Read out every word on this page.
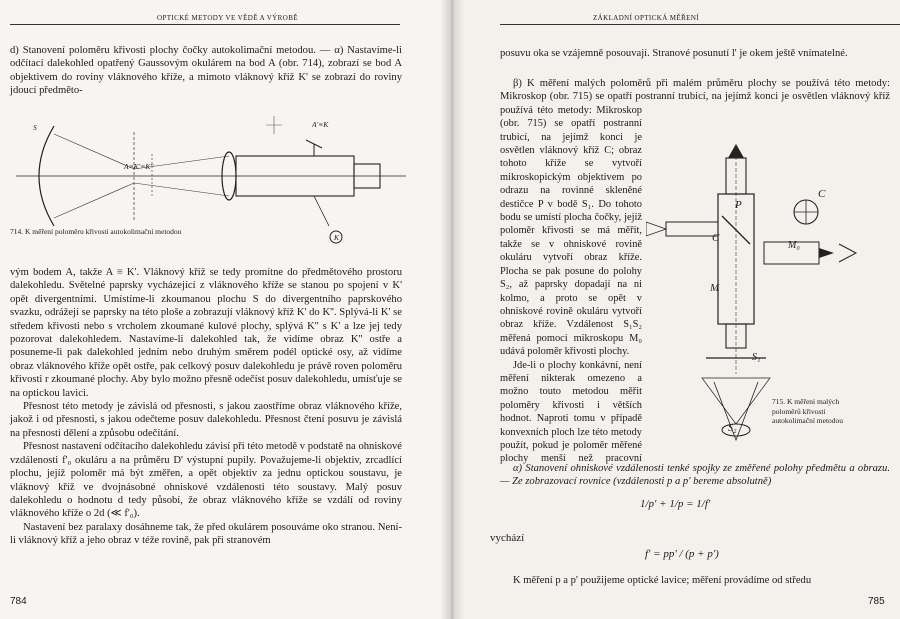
OPTICKÉ METODY VE VĚDĚ A VÝROBĚ

d) Stanovení poloměru křivosti plochy čočky autokolimační metodou. — α) Nastavíme-li odčítací dalekohled opatřený Gaussovým okulárem na bod A (obr. 714), zobrazí se bod A objektivem do roviny vláknového kříže, a mimoto vláknový kříž K' se zobrazí do roviny jdoucí předměto-

S
A≡K'≡K''
A'≡K
K
714. K měření poloměru křivosti autokolimační metodou

vým bodem A, takže A ≡ K'. Vláknový kříž se tedy promítne do předmětového prostoru dalekohledu. Světelné paprsky vycházející z vláknového kříže se stanou po spojení v K' opět divergentními. Umístíme-li zkoumanou plochu S do divergentního paprskového svazku, odrážejí se paprsky na této ploše a zobrazují vláknový kříž K' do K''. Splývá-li K' se středem křivosti nebo s vrcholem zkoumané kulové plochy, splývá K'' s K' a lze jej tedy pozorovat dalekohledem. Nastavíme-li dalekohled tak, že vidíme obraz K'' ostře a posuneme-li pak dalekohled jedním nebo druhým směrem podél optické osy, až vidíme obraz vláknového kříže opět ostře, pak celkový posuv dalekohledu je právě roven poloměru křivosti r zkoumané plochy. Aby bylo možno přesně odečíst posuv dalekohledu, umísťuje se na optickou lavici.

Přesnost této metody je závislá od přesnosti, s jakou zaostříme obraz vláknového kříže, jakož i od přesnosti, s jakou odečteme posuv dalekohledu. Přesnost čtení posuvu je závislá na přesnosti dělení a způsobu odečítání.

Přesnost nastavení odčítacího dalekohledu závisí při této metodě v podstatě na ohniskové vzdálenosti f'₀ okuláru a na průměru D' výstupní pupily. Považujeme-li objektiv, zrcadlící plochu, jejíž poloměr má být změřen, a opět objektiv za jednu optickou soustavu, je vláknový kříž ve dvojnásobné ohniskové vzdálenosti této soustavy. Malý posuv dalekohledu o hodnotu d tedy působí, že obraz vláknového kříže se vzdálí od roviny vláknového kříže o 2d (≪ f'₀).

Nastavení bez paralaxy dosáhneme tak, že před okulárem posouváme oko stranou. Není-li vláknový kříž a jeho obraz v téže rovině, pak při stranovém

784
ZÁKLADNÍ OPTICKÁ MĚŘENÍ

posuvu oka se vzájemně posouvají. Stranové posunutí l' je okem ještě vnímatelné.

β) K měření malých poloměrů při malém průměru plochy se používá této metody: Mikroskop (obr. 715) se opatří postranní trubicí, na jejímž konci je osvětlen vláknový kříž

používá této metody: Mikroskop (obr. 715) se opatří postranní trubicí, na jejímž konci je osvětlen vláknový kříž C; obraz tohoto kříže se vytvoří mikroskopickým objektivem po odrazu na rovinné skleněné destičce P v bodě S₁. Do tohoto bodu se umístí plocha čočky, jejíž poloměr křivosti se má měřit, takže se v ohniskové rovině okuláru vytvoří obraz kříže. Plocha se pak posune do polohy S₂, až paprsky dopadají na ni kolmo, a proto se opět v ohniskové rovině okuláru vytvoří obraz kříže. Vzdálenost S₁S₂ měřená pomocí mikroskopu M₀ udává poloměr křivosti plochy.

Jde-li o plochy konkávní, není měření nikterak omezeno a možno touto metodou měřit poloměry křivosti i větších hodnot. Naproti tomu v případě konvexních ploch lze této metody použít, pokud je poloměr měřené plochy menší než pracovní

P
C
C
M₀
M
S₁
S₂
715. K měření malých poloměrů křivosti autokolimační metodou

α) Stanovení ohniskové vzdálenosti tenké spojky ze změřené polohy předmětu a obrazu. — Ze zobrazovací rovnice (vzdálenosti p a p' bereme absolutně)

1/p' + 1/p = 1/f'
vychází
f' = pp' / (p + p')

K měření p a p' použijeme optické lavice; měření provádíme od středu

785
